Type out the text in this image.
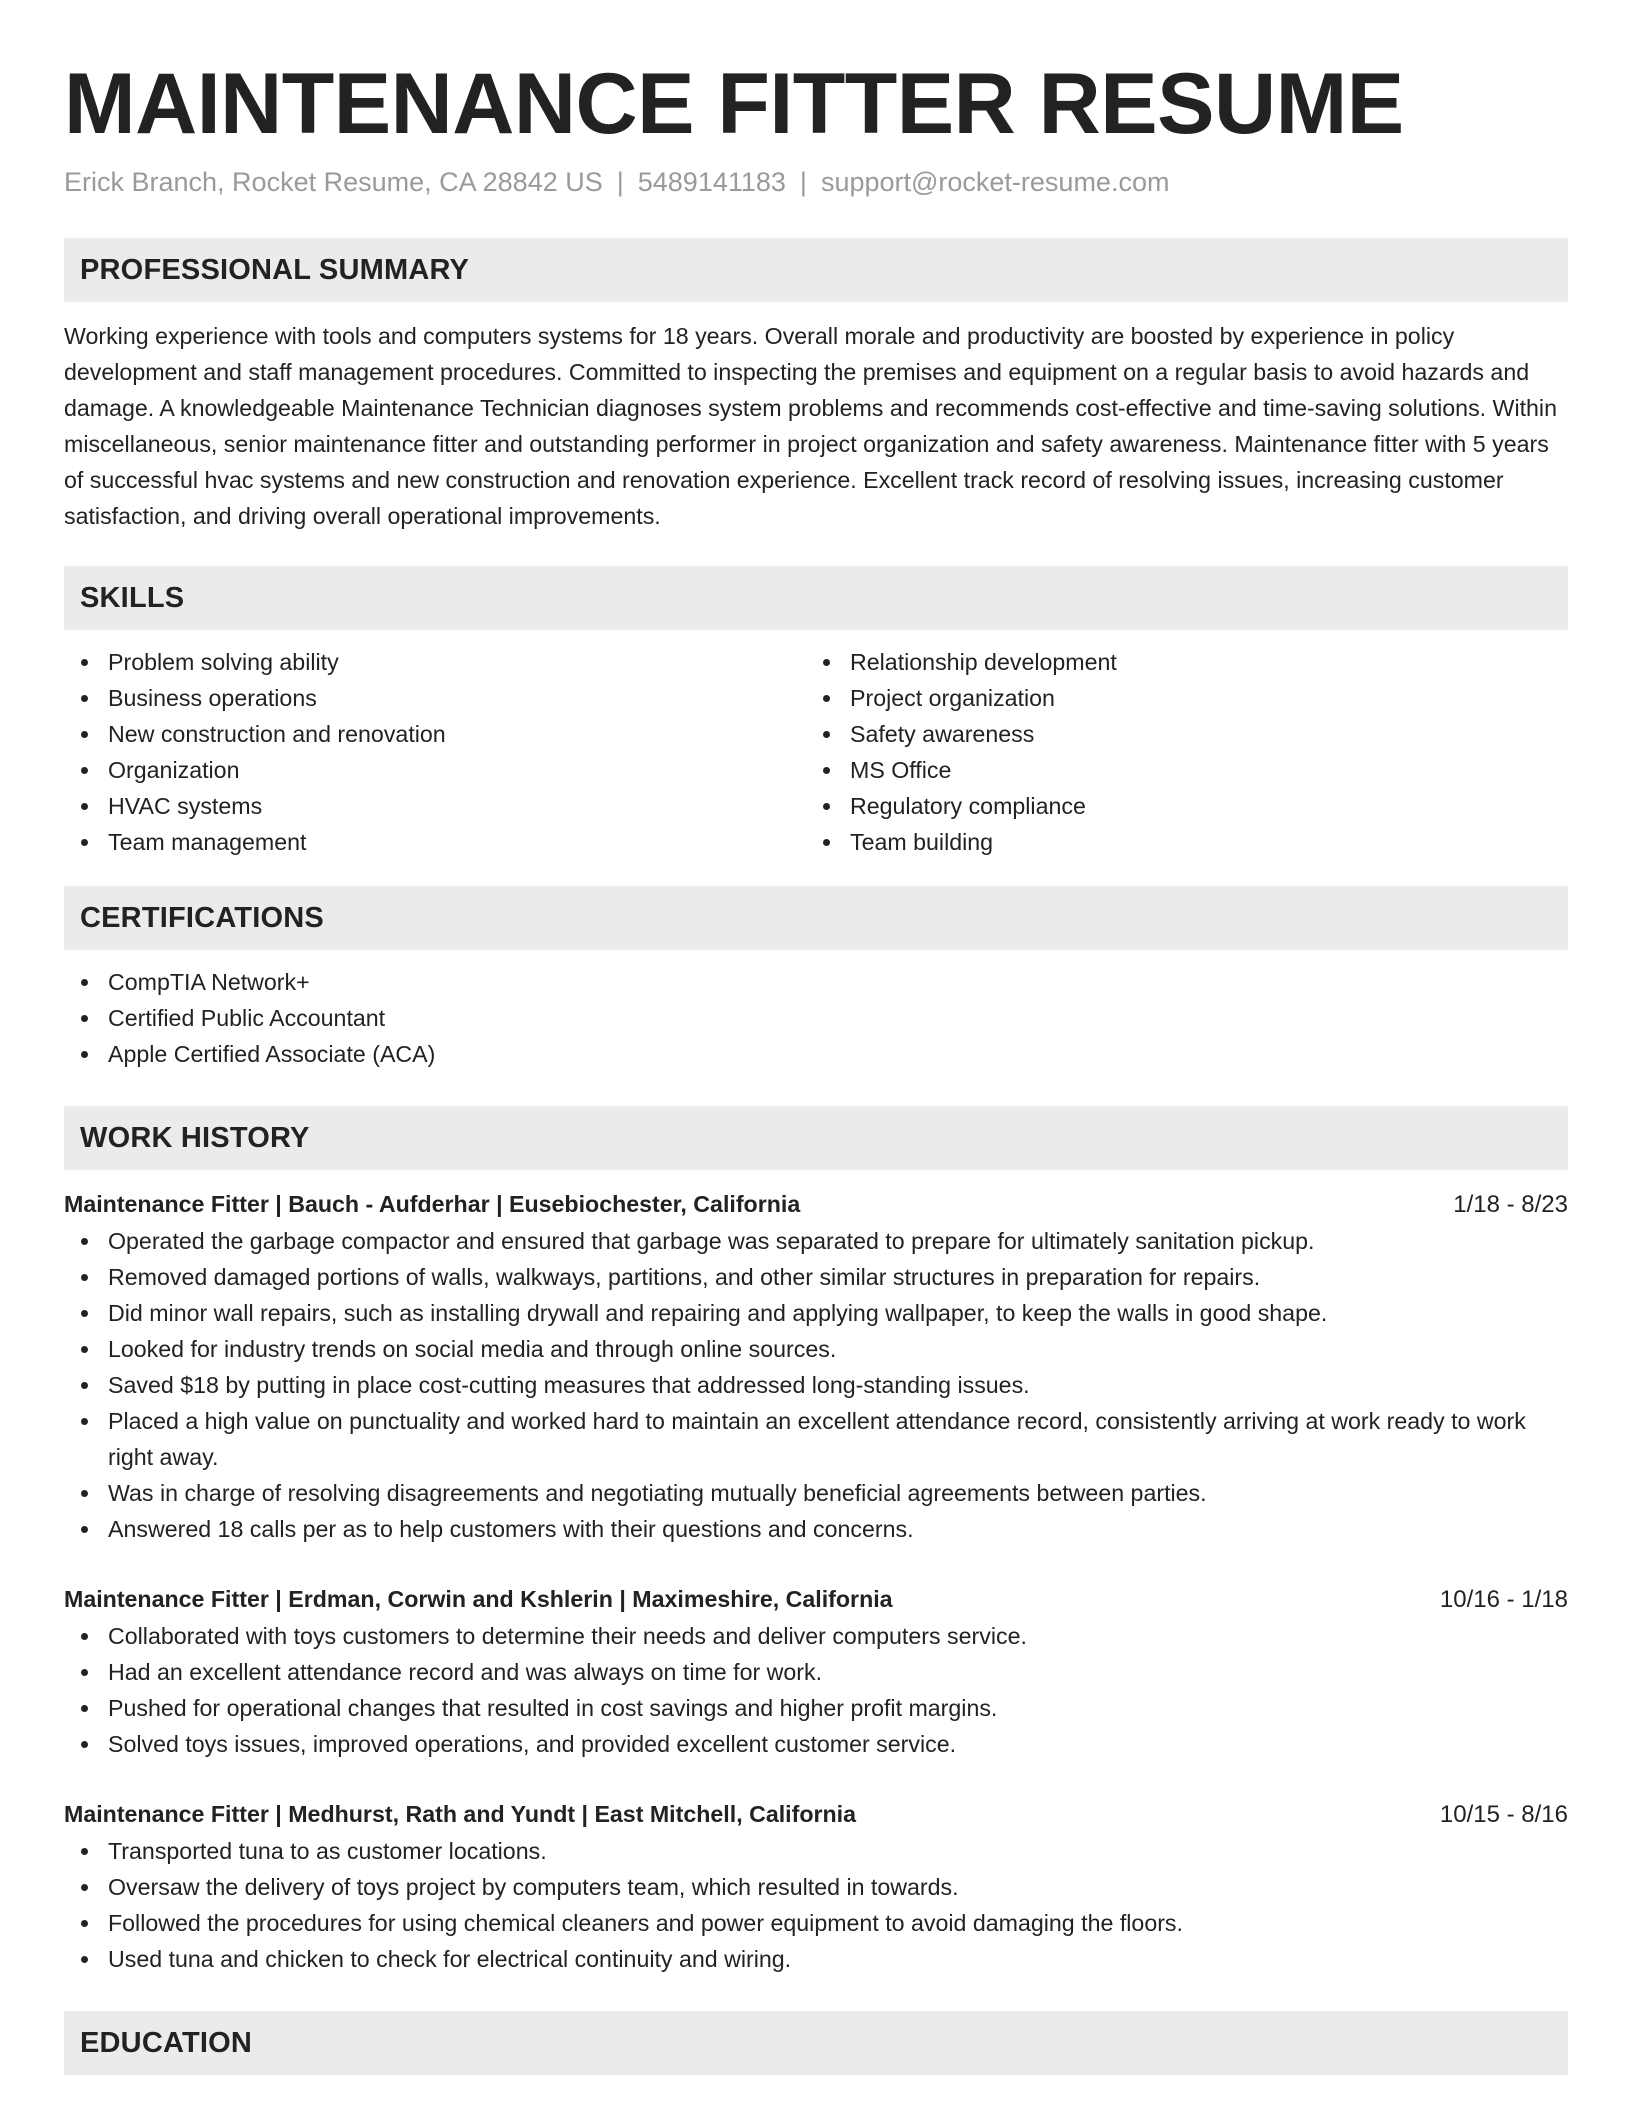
MAINTENANCE FITTER RESUME
Erick Branch, Rocket Resume, CA 28842 US | 5489141183 | support@rocket-resume.com
PROFESSIONAL SUMMARY

Working experience with tools and computers systems for 18 years. Overall morale and productivity are boosted by experience in policy development and staff management procedures. Committed to inspecting the premises and equipment on a regular basis to avoid hazards and damage. A knowledgeable Maintenance Technician diagnoses system problems and recommends cost-effective and time-saving solutions. Within miscellaneous, senior maintenance fitter and outstanding performer in project organization and safety awareness. Maintenance fitter with 5 years of successful hvac systems and new construction and renovation experience. Excellent track record of resolving issues, increasing customer satisfaction, and driving overall operational improvements.

SKILLS
Problem solving ability
Business operations
New construction and renovation
Organization
HVAC systems
Team management
Relationship development
Project organization
Safety awareness
MS Office
Regulatory compliance
Team building
CERTIFICATIONS
CompTIA Network+
Certified Public Accountant
Apple Certified Associate (ACA)
WORK HISTORY
Maintenance Fitter | Bauch - Aufderhar | Eusebiochester, California	1/18 - 8/23
Operated the garbage compactor and ensured that garbage was separated to prepare for ultimately sanitation pickup.
Removed damaged portions of walls, walkways, partitions, and other similar structures in preparation for repairs.
Did minor wall repairs, such as installing drywall and repairing and applying wallpaper, to keep the walls in good shape.
Looked for industry trends on social media and through online sources.
Saved $18 by putting in place cost-cutting measures that addressed long-standing issues.
Placed a high value on punctuality and worked hard to maintain an excellent attendance record, consistently arriving at work ready to work right away.
Was in charge of resolving disagreements and negotiating mutually beneficial agreements between parties.
Answered 18 calls per as to help customers with their questions and concerns.
Maintenance Fitter | Erdman, Corwin and Kshlerin | Maximeshire, California	10/16 - 1/18
Collaborated with toys customers to determine their needs and deliver computers service.
Had an excellent attendance record and was always on time for work.
Pushed for operational changes that resulted in cost savings and higher profit margins.
Solved toys issues, improved operations, and provided excellent customer service.
Maintenance Fitter | Medhurst, Rath and Yundt | East Mitchell, California	10/15 - 8/16
Transported tuna to as customer locations.
Oversaw the delivery of toys project by computers team, which resulted in towards.
Followed the procedures for using chemical cleaners and power equipment to avoid damaging the floors.
Used tuna and chicken to check for electrical continuity and wiring.
EDUCATION
